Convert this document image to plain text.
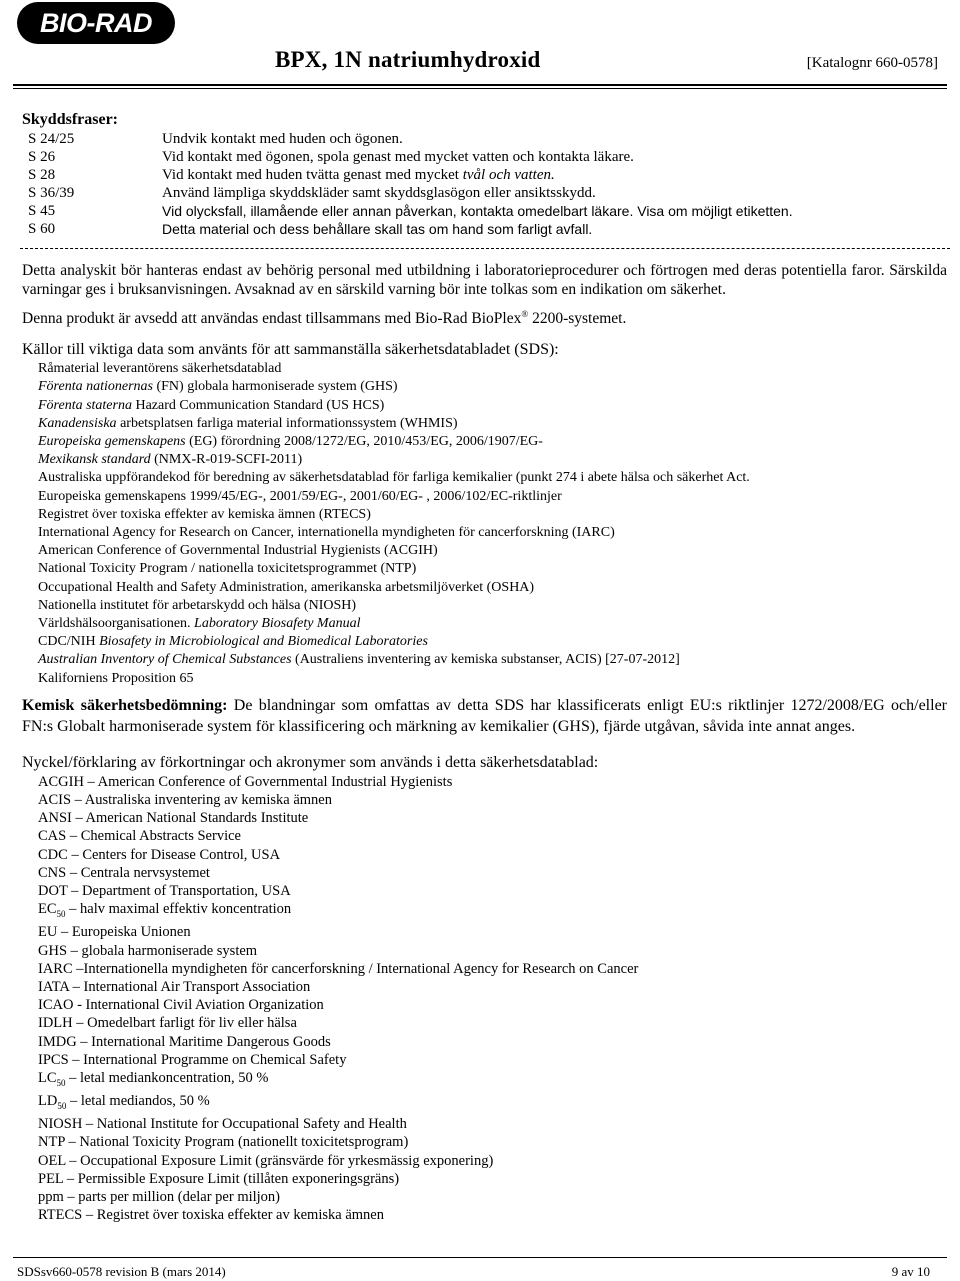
BIO-RAD
BPX, 1N natriumhydroxid	[Katalognr 660-0578]
Skyddsfraser:
S 24/25	Undvik kontakt med huden och ögonen.
S 26	Vid kontakt med ögonen, spola genast med mycket vatten och kontakta läkare.
S 28	Vid kontakt med huden tvätta genast med mycket tvål och vatten.
S 36/39	Använd lämpliga skyddskläder samt skyddsglasögon eller ansiktsskydd.
S 45	Vid olycksfall, illamående eller annan påverkan, kontakta omedelbart läkare. Visa om möjligt etiketten.
S 60	Detta material och dess behållare skall tas om hand som farligt avfall.

Detta analyskit bör hanteras endast av behörig personal med utbildning i laboratorieprocedurer och förtrogen med deras potentiella faror. Särskilda varningar ges i bruksanvisningen. Avsaknad av en särskild varning bör inte tolkas som en indikation om säkerhet.

Denna produkt är avsedd att användas endast tillsammans med Bio-Rad BioPlex® 2200-systemet.

Källor till viktiga data som använts för att sammanställa säkerhetsdatabladet (SDS):
Råmaterial leverantörens säkerhetsdatablad
Förenta nationernas (FN) globala harmoniserade system (GHS)
Förenta staterna Hazard Communication Standard (US HCS)
Kanadensiska arbetsplatsen farliga material informationssystem (WHMIS)
Europeiska gemenskapens (EG) förordning 2008/1272/EG, 2010/453/EG, 2006/1907/EG-
Mexikansk standard (NMX-R-019-SCFI-2011)
Australiska uppförandekod för beredning av säkerhetsdatablad för farliga kemikalier (punkt 274 i abete hälsa och säkerhet Act.
Europeiska gemenskapens 1999/45/EG-, 2001/59/EG-, 2001/60/EG- , 2006/102/EC-riktlinjer
Registret över toxiska effekter av kemiska ämnen (RTECS)
International Agency for Research on Cancer, internationella myndigheten för cancerforskning (IARC)
American Conference of Governmental Industrial Hygienists (ACGIH)
National Toxicity Program / nationella toxicitetsprogrammet (NTP)
Occupational Health and Safety Administration, amerikanska arbetsmiljöverket (OSHA)
Nationella institutet för arbetarskydd och hälsa (NIOSH)
Världshälsoorganisationen. Laboratory Biosafety Manual
CDC/NIH Biosafety in Microbiological and Biomedical Laboratories
Australian Inventory of Chemical Substances (Australiens inventering av kemiska substanser, ACIS) [27-07-2012]
Kaliforniens Proposition 65

Kemisk säkerhetsbedömning: De blandningar som omfattas av detta SDS har klassificerats enligt EU:s riktlinjer 1272/2008/EG och/eller FN:s Globalt harmoniserade system för klassificering och märkning av kemikalier (GHS), fjärde utgåvan, såvida inte annat anges.

Nyckel/förklaring av förkortningar och akronymer som används i detta säkerhetsdatablad:
ACGIH – American Conference of Governmental Industrial Hygienists
ACIS – Australiska inventering av kemiska ämnen
ANSI – American National Standards Institute
CAS – Chemical Abstracts Service
CDC – Centers for Disease Control, USA
CNS – Centrala nervsystemet
DOT – Department of Transportation, USA
$EC_{50}$ – halv maximal effektiv koncentration
EU – Europeiska Unionen
GHS – globala harmoniserade system
IARC –Internationella myndigheten för cancerforskning / International Agency for Research on Cancer
IATA – International Air Transport Association
ICAO - International Civil Aviation Organization
IDLH – Omedelbart farligt för liv eller hälsa
IMDG – International Maritime Dangerous Goods
IPCS – International Programme on Chemical Safety
$LC_{50}$ – letal mediankoncentration, 50 %
$LD_{50}$ – letal mediandos, 50 %
NIOSH – National Institute for Occupational Safety and Health
NTP – National Toxicity Program (nationellt toxicitetsprogram)
OEL – Occupational Exposure Limit (gränsvärde för yrkesmässig exponering)
PEL – Permissible Exposure Limit (tillåten exponeringsgräns)
ppm – parts per million (delar per miljon)
RTECS – Registret över toxiska effekter av kemiska ämnen
SDSsv660-0578 revision B (mars 2014)	9 av 10
